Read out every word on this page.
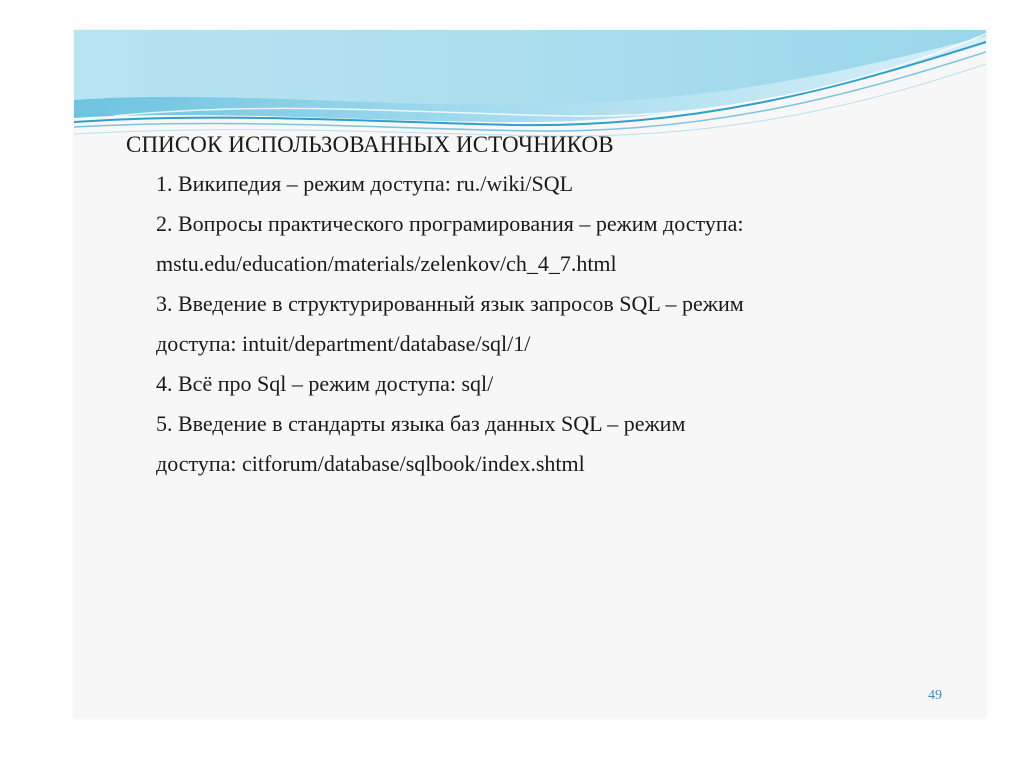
СПИСОК ИСПОЛЬЗОВАННЫХ ИСТОЧНИКОВ
1. Википедия – режим доступа: ru./wiki/SQL
2. Вопросы практического програмирования – режим доступа:
mstu.edu/education/materials/zelenkov/ch_4_7.html
3. Введение в структурированный язык запросов SQL – режим
доступа: intuit/department/database/sql/1/
4. Всё про Sql – режим доступа: sql/
5. Введение в стандарты языка баз данных SQL – режим
доступа: citforum/database/sqlbook/index.shtml
49
